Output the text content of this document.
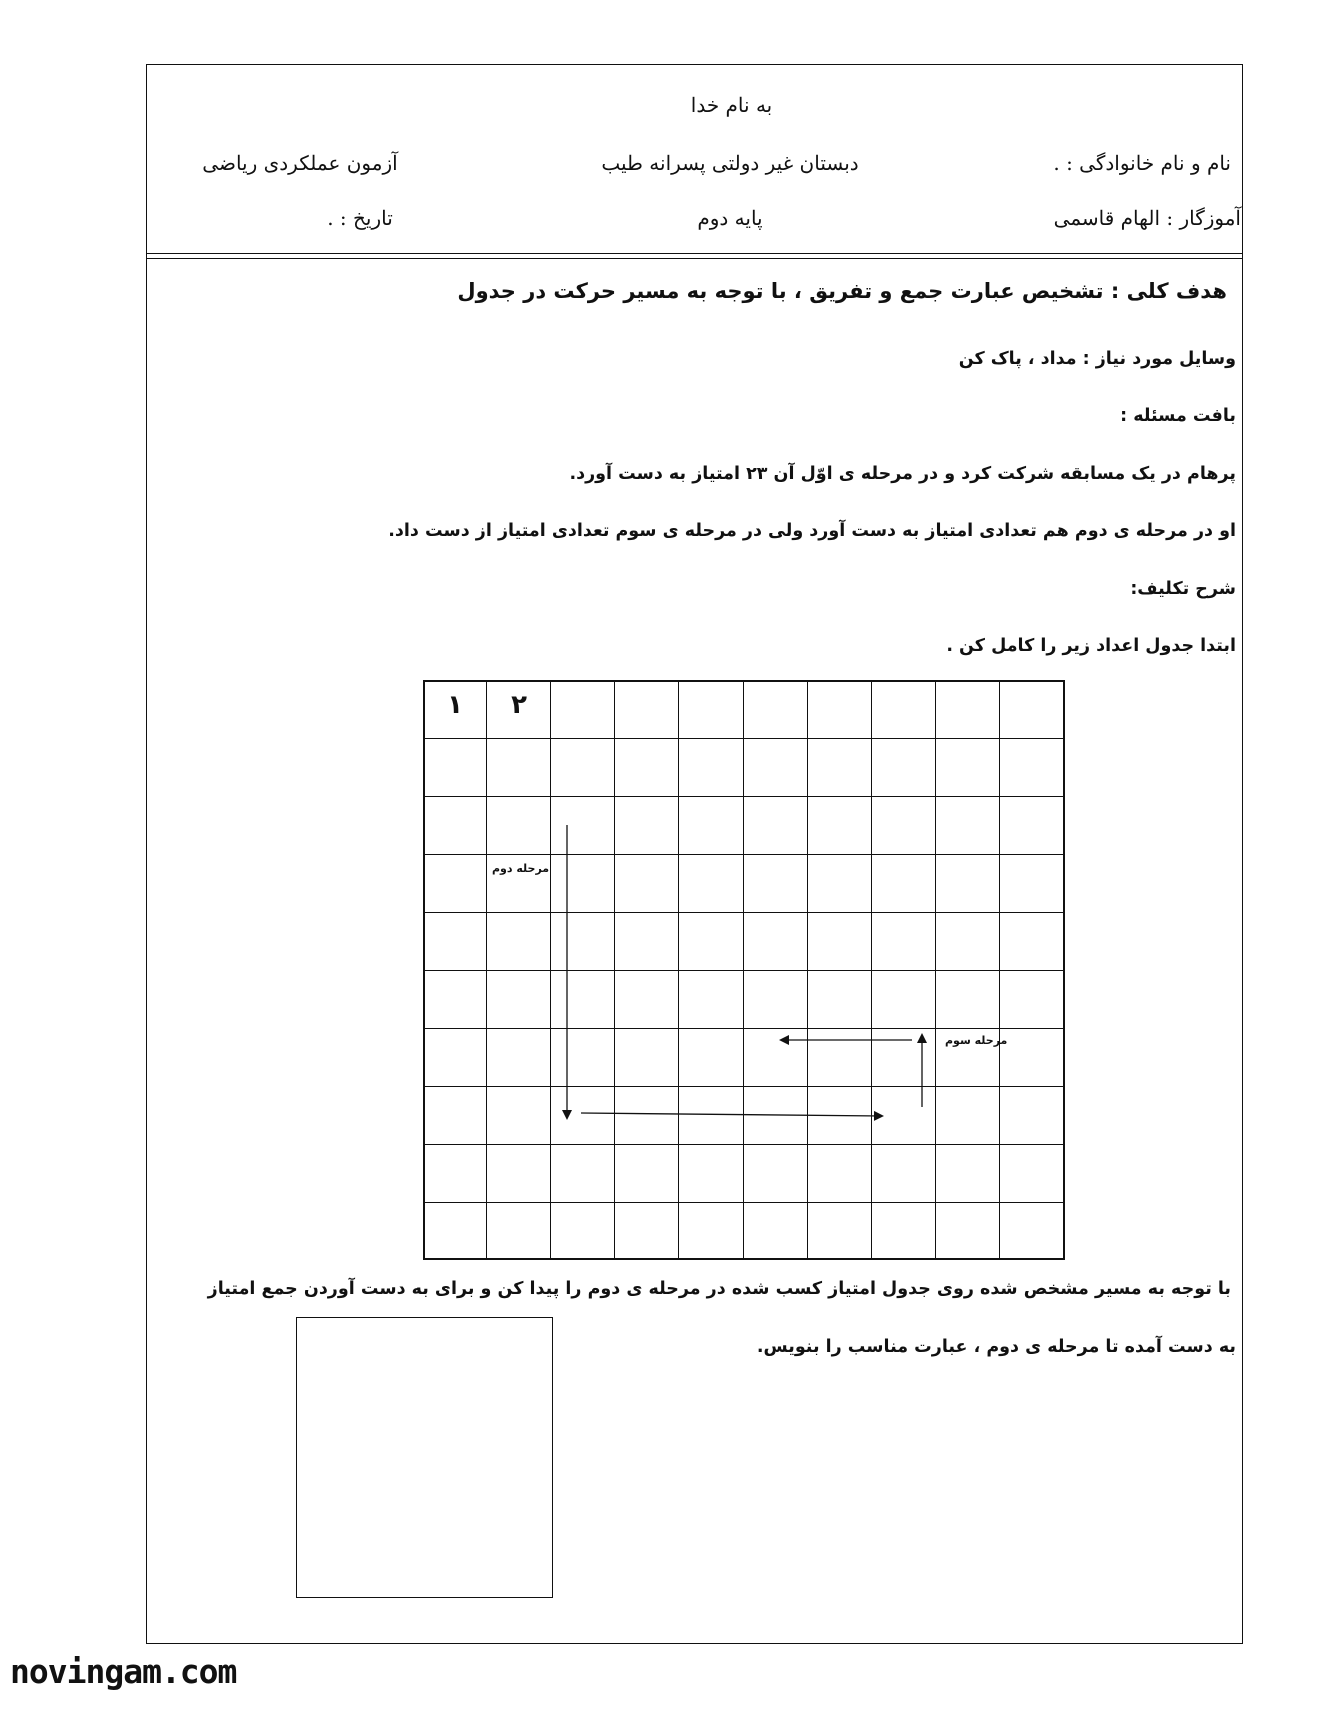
به نام خدا
نام و نام خانوادگی : .
دبستان غیر دولتی پسرانه طیب
آزمون عملکردی ریاضی
آموزگار : الهام قاسمی
پایه دوم
تاریخ : .
هدف کلی : تشخیص عبارت جمع و تفریق ، با توجه به مسیر حرکت در جدول
وسایل مورد نیاز : مداد ، پاک کن
بافت مسئله :
پرهام در یک مسابقه شرکت کرد و در مرحله ی اوّل آن ۲۳ امتیاز به دست آورد.
او در مرحله ی دوم هم تعدادی امتیاز به دست آورد ولی در مرحله ی سوم تعدادی امتیاز از دست داد.
شرح تکلیف:
ابتدا جدول اعداد زیر را کامل کن .
۱	۲
مرحله دوم
مرحله سوم
با توجه به مسیر مشخص شده روی جدول امتیاز کسب شده در مرحله ی دوم را پیدا کن و برای به دست آوردن جمع امتیاز
به دست آمده تا مرحله ی دوم ، عبارت مناسب را بنویس.
novingam.com
